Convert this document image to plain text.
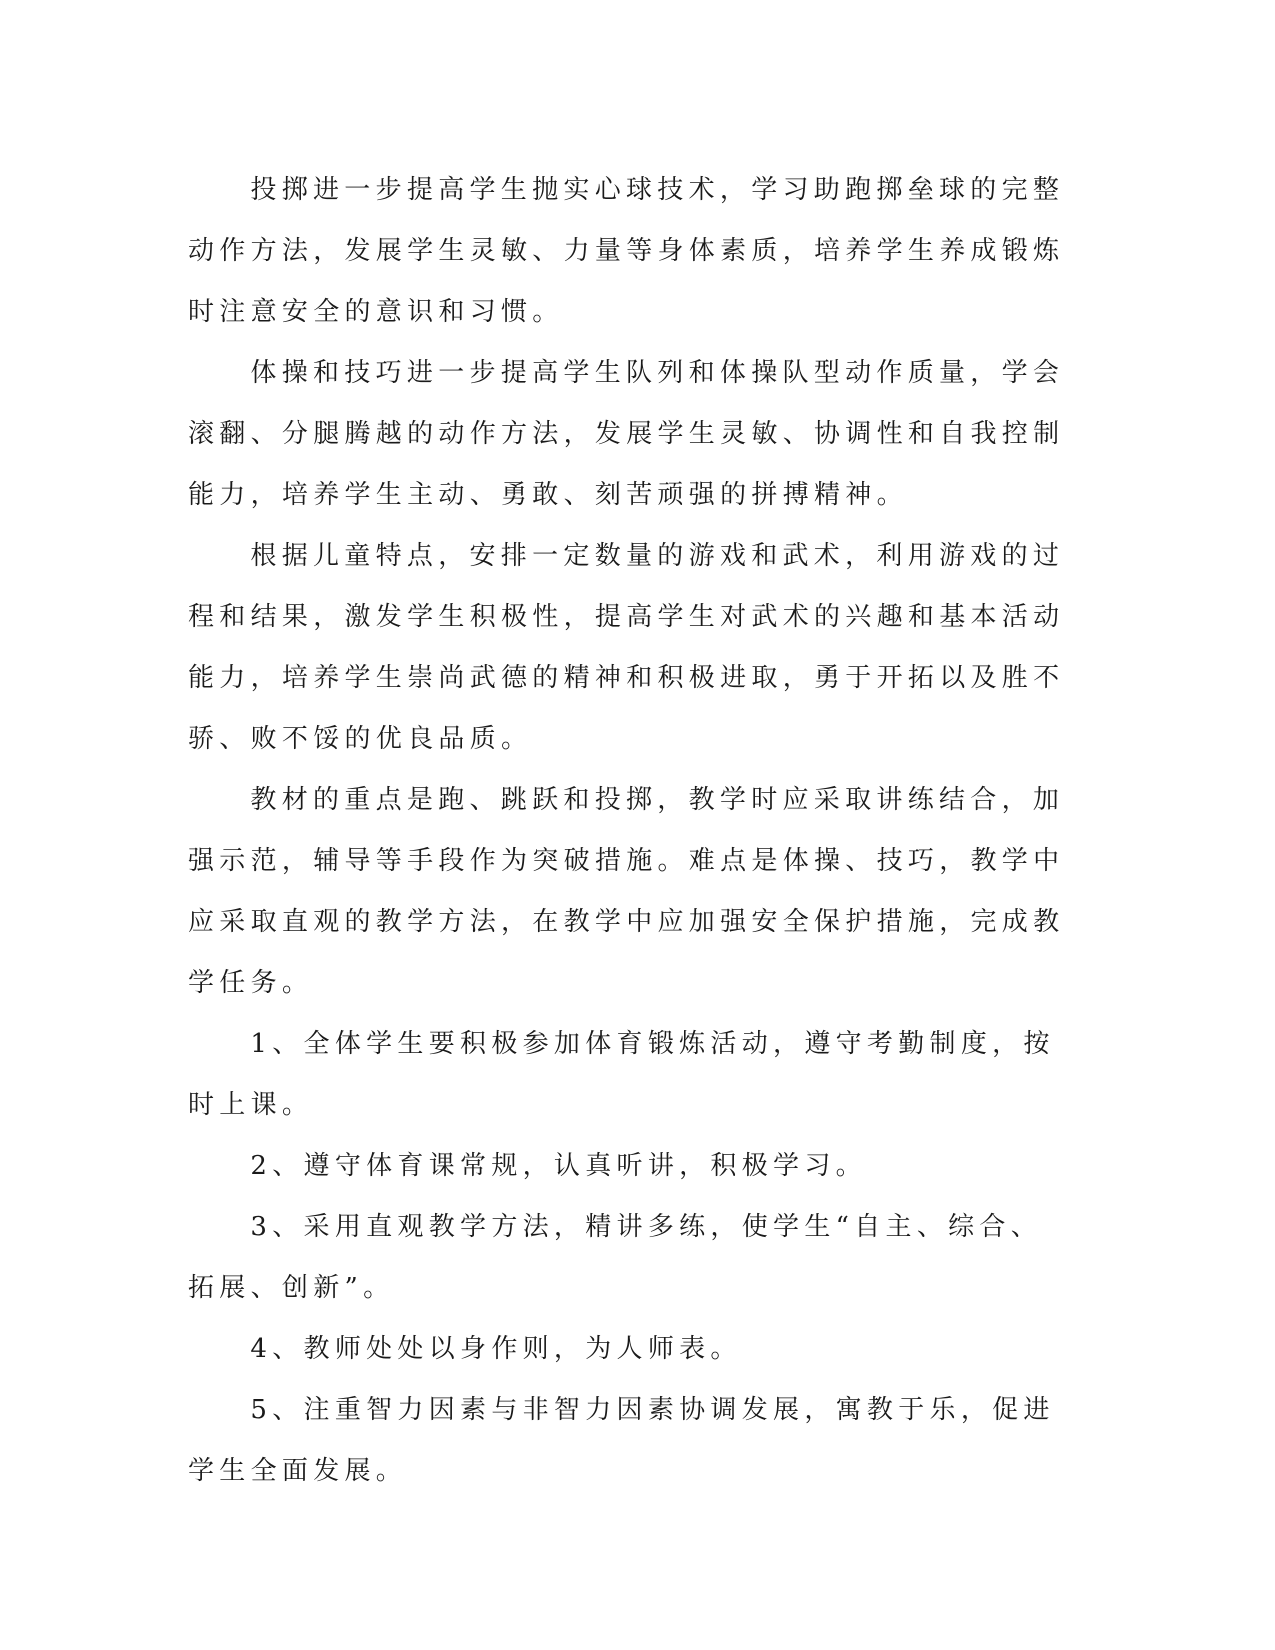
投掷进一步提高学生抛实心球技术，学习助跑掷垒球的完整动作方法，发展学生灵敏、力量等身体素质，培养学生养成锻炼时注意安全的意识和习惯。

体操和技巧进一步提高学生队列和体操队型动作质量，学会滚翻、分腿腾越的动作方法，发展学生灵敏、协调性和自我控制能力，培养学生主动、勇敢、刻苦顽强的拼搏精神。

根据儿童特点，安排一定数量的游戏和武术，利用游戏的过程和结果，激发学生积极性，提高学生对武术的兴趣和基本活动能力，培养学生崇尚武德的精神和积极进取，勇于开拓以及胜不骄、败不馁的优良品质。

教材的重点是跑、跳跃和投掷，教学时应采取讲练结合，加强示范，辅导等手段作为突破措施。难点是体操、技巧，教学中应采取直观的教学方法，在教学中应加强安全保护措施，完成教学任务。

1、全体学生要积极参加体育锻炼活动，遵守考勤制度，按时上课。

2、遵守体育课常规，认真听讲，积极学习。

3、采用直观教学方法，精讲多练，使学生“自主、综合、拓展、创新”。

4、教师处处以身作则，为人师表。

5、注重智力因素与非智力因素协调发展，寓教于乐，促进学生全面发展。
